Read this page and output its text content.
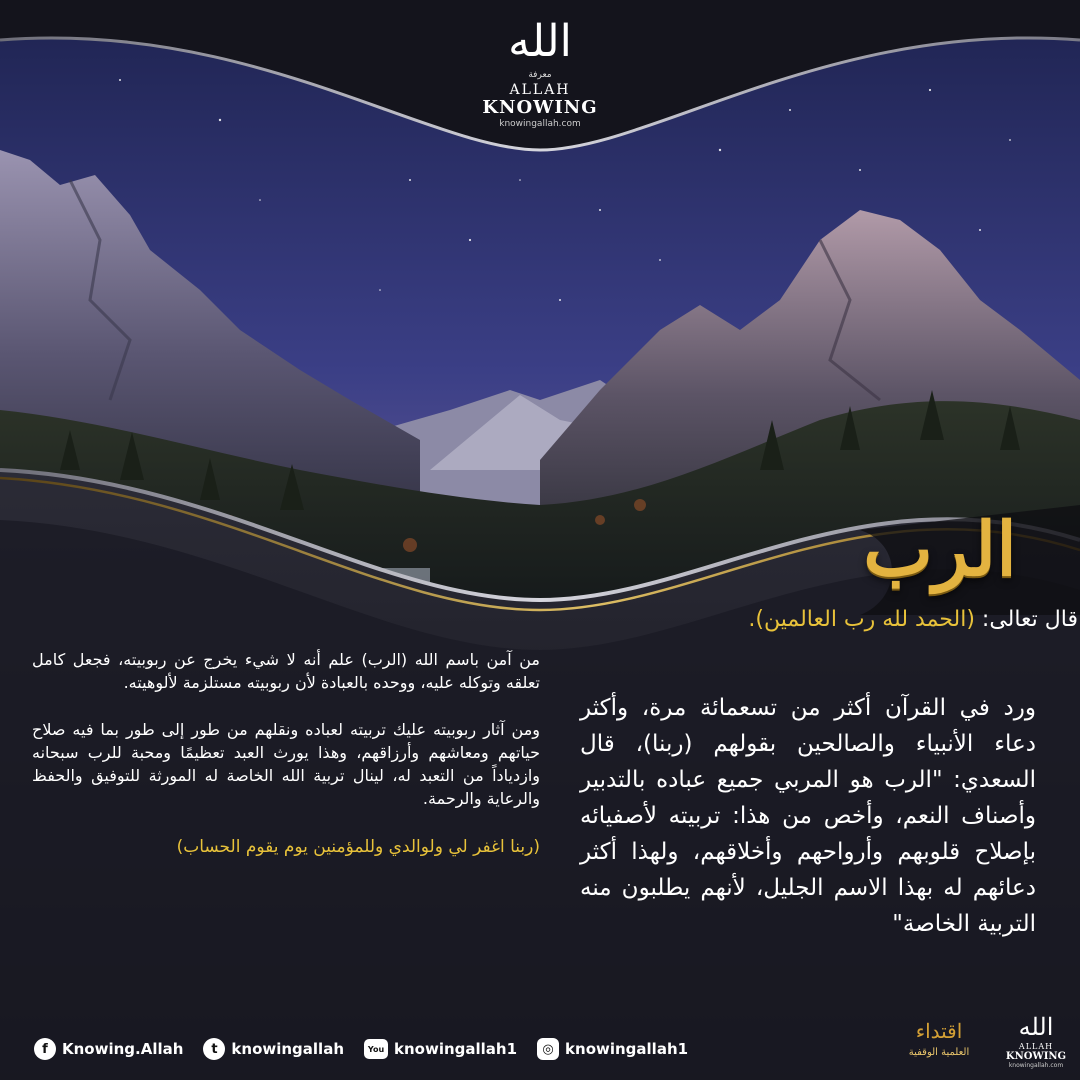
الله
معرفة
ALLAH
KNOWING
knowingallah.com
الرب
قال تعالى: (الحمد لله رب العالمين).

ورد في القرآن أكثر من تسعمائة مرة، وأكثر دعاء الأنبياء والصالحين بقولهم (ربنا)، قال السعدي: "الرب هو المربي جميع عباده بالتدبير وأصناف النعم، وأخص من هذا: تربيته لأصفيائه بإصلاح قلوبهم وأرواحهم وأخلاقهم، ولهذا أكثر دعائهم له بهذا الاسم الجليل، لأنهم يطلبون منه التربية الخاصة"

من آمن باسم الله (الرب) علم أنه لا شيء يخرج عن ربوبيته، فجعل كامل تعلقه وتوكله عليه، ووحده بالعبادة لأن ربوبيته مستلزمة لألوهيته.

ومن آثار ربوبيته عليك تربيته لعباده ونقلهم من طور إلى طور بما فيه صلاح حياتهم ومعاشهم وأرزاقهم، وهذا يورث العبد تعظيمًا ومحبة للرب سبحانه وازدياداً من التعبد له، لينال تربية الله الخاصة له المورثة للتوفيق والحفظ والرعاية والرحمة.

(ربنا اغفر لي ولوالدي وللمؤمنين يوم يقوم الحساب)

f Knowing.Allah	t knowingallah	You knowingallah1	◎ knowingallah1
اقتداء
العلمية الوقفية
الله
ALLAH
KNOWING
knowingallah.com
